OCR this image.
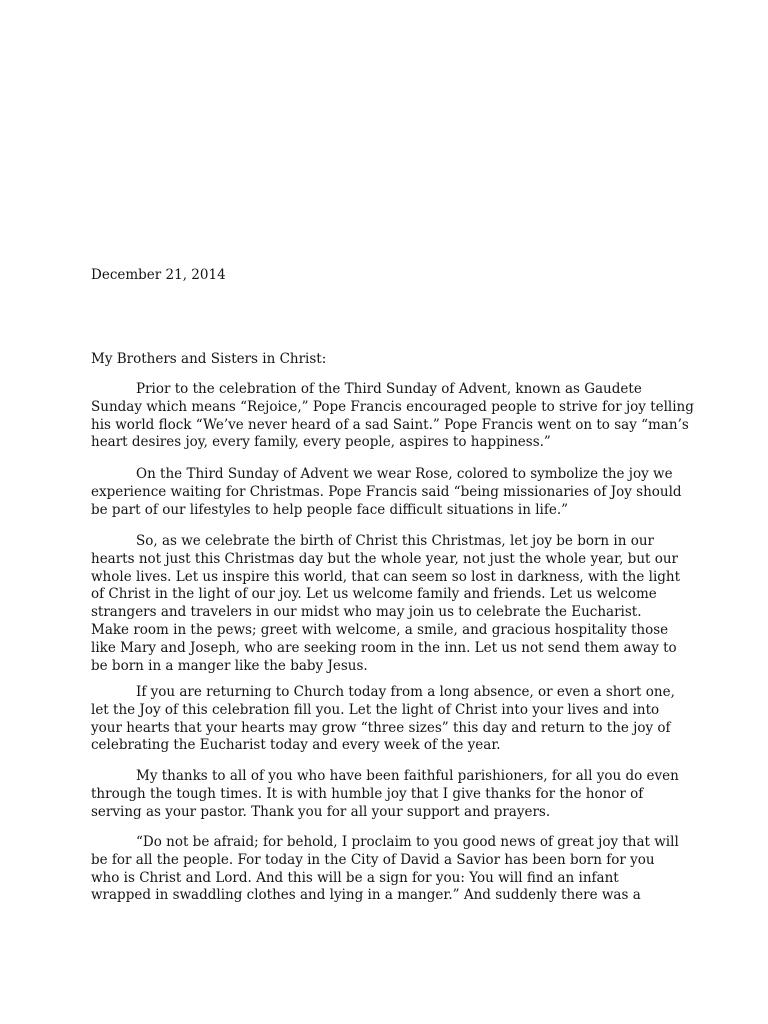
December 21, 2014
My Brothers and Sisters in Christ:
Prior to the celebration of the Third Sunday of Advent, known as Gaudete
Sunday which means “Rejoice,” Pope Francis encouraged people to strive for joy telling
his world flock “We’ve never heard of a sad Saint.” Pope Francis went on to say “man’s
heart desires joy, every family, every people, aspires to happiness.”
On the Third Sunday of Advent we wear Rose, colored to symbolize the joy we
experience waiting for Christmas. Pope Francis said “being missionaries of Joy should
be part of our lifestyles to help people face difficult situations in life.”
So, as we celebrate the birth of Christ this Christmas, let joy be born in our
hearts not just this Christmas day but the whole year, not just the whole year, but our
whole lives. Let us inspire this world, that can seem so lost in darkness, with the light
of Christ in the light of our joy. Let us welcome family and friends. Let us welcome
strangers and travelers in our midst who may join us to celebrate the Eucharist.
Make room in the pews; greet with welcome, a smile, and gracious hospitality those
like Mary and Joseph, who are seeking room in the inn. Let us not send them away to
be born in a manger like the baby Jesus.
If you are returning to Church today from a long absence, or even a short one,
let the Joy of this celebration fill you. Let the light of Christ into your lives and into
your hearts that your hearts may grow “three sizes” this day and return to the joy of
celebrating the Eucharist today and every week of the year.
My thanks to all of you who have been faithful parishioners, for all you do even
through the tough times. It is with humble joy that I give thanks for the honor of
serving as your pastor. Thank you for all your support and prayers.
“Do not be afraid; for behold, I proclaim to you good news of great joy that will
be for all the people. For today in the City of David a Savior has been born for you
who is Christ and Lord. And this will be a sign for you: You will find an infant
wrapped in swaddling clothes and lying in a manger.” And suddenly there was a
